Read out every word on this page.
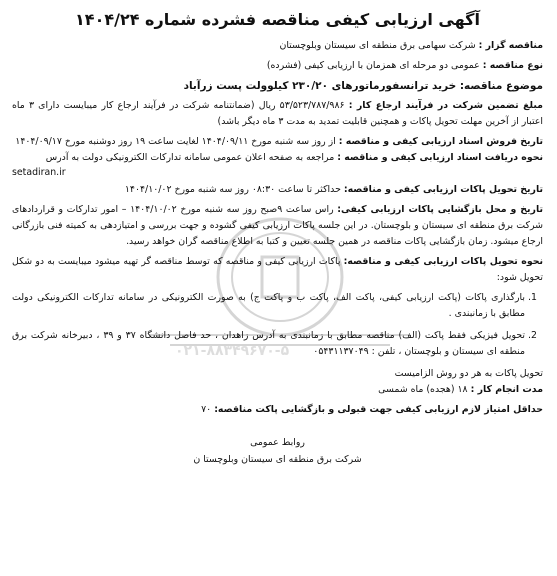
۰۲۱-۸۸۳۴۹۶۷۰-۵
آگهی ارزیابی کیفی مناقصه فشرده شماره ۱۴۰۴/۲۴

مناقصه گزار : شرکت سهامی برق منطقه ای سیستان وبلوچستان

نوع مناقصه : عمومی دو مرحله ای همزمان با ارزیابی کیفی (فشرده)

موضوع مناقصه: خرید ترانسفورماتورهای ۲۳۰/۲۰ کیلوولت پست زرآباد

مبلغ تضمین شرکت در فرآیند ارجاع کار : ۵۳/۵۲۳/۷۸۷/۹۸۶ ریال (ضمانتنامه شرکت در فرآیند ارجاع کار میبایست دارای ۳ ماه اعتبار از آخرین مهلت تحویل پاکات و همچنین قابلیت تمدید به مدت ۳ ماه دیگر باشد)

تاریخ فروش اسناد ارزیابی کیفی و مناقصه : از روز سه شنبه مورخ ۱۴۰۴/۰۹/۱۱ لغایت ساعت ۱۹ روز دوشنبه مورخ ۱۴۰۴/۰۹/۱۷

نحوه دریافت اسناد ارزیابی کیفی و مناقصه : مراجعه به صفحه اعلان عمومی سامانه تدارکات الکترونیکی دولت به آدرس

setadiran.ir

تاریخ تحویل پاکات ارزیابی کیفی و مناقصه: حداکثر تا ساعت ۰۸:۳۰ روز سه شنبه مورخ ۱۴۰۴/۱۰/۰۲

تاریخ و محل بازگشایی پاکات ارزیابی کیفی: راس ساعت ۹صبح روز سه شنبه مورخ ۱۴۰۴/۱۰/۰۲ – امور تدارکات و قراردادهای شرکت برق منطقه ای سیستان و بلوچستان. در این جلسه پاکات ارزیابی کیفی گشوده و جهت بررسی و امتیازدهی به کمیته فنی بازرگانی ارجاع میشود. زمان بازگشایی پاکات مناقصه در همین جلسه تعیین و کتبا به اطلاع مناقصه گران خواهد رسید.

نحوه تحویل پاکات ارزیابی کیفی و مناقصه: پاکات ارزیابی کیفی و مناقصه که توسط مناقصه گر تهیه میشود میبایست به دو شکل تحویل شود:

1. بارگذاری پاکات (پاکت ارزیابی کیفی، پاکت الف، پاکت ب و پاکت ج) به صورت الکترونیکی در سامانه تدارکات الکترونیکی دولت مطابق با زمانبندی .
2. تحویل فیزیکی فقط پاکت (الف) مناقصه مطابق با زمانبندی به آدرس زاهدان ، حد فاصل دانشگاه ۳۷ و ۳۹ ، دبیرخانه شرکت برق منطقه ای سیستان و بلوچستان ، تلفن : ۰۵۴۳۱۱۳۷۰۴۹

تحویل پاکات به هر دو روش الزامیست

مدت انجام کار : ۱۸ (هجده) ماه شمسی

حداقل امتیاز لازم ارزیابی کیفی جهت قبولی و بازگشایی پاکت مناقصه: ۷۰

روابط عمومی
شرکت برق منطقه ای سیستان وبلوچستا ن
